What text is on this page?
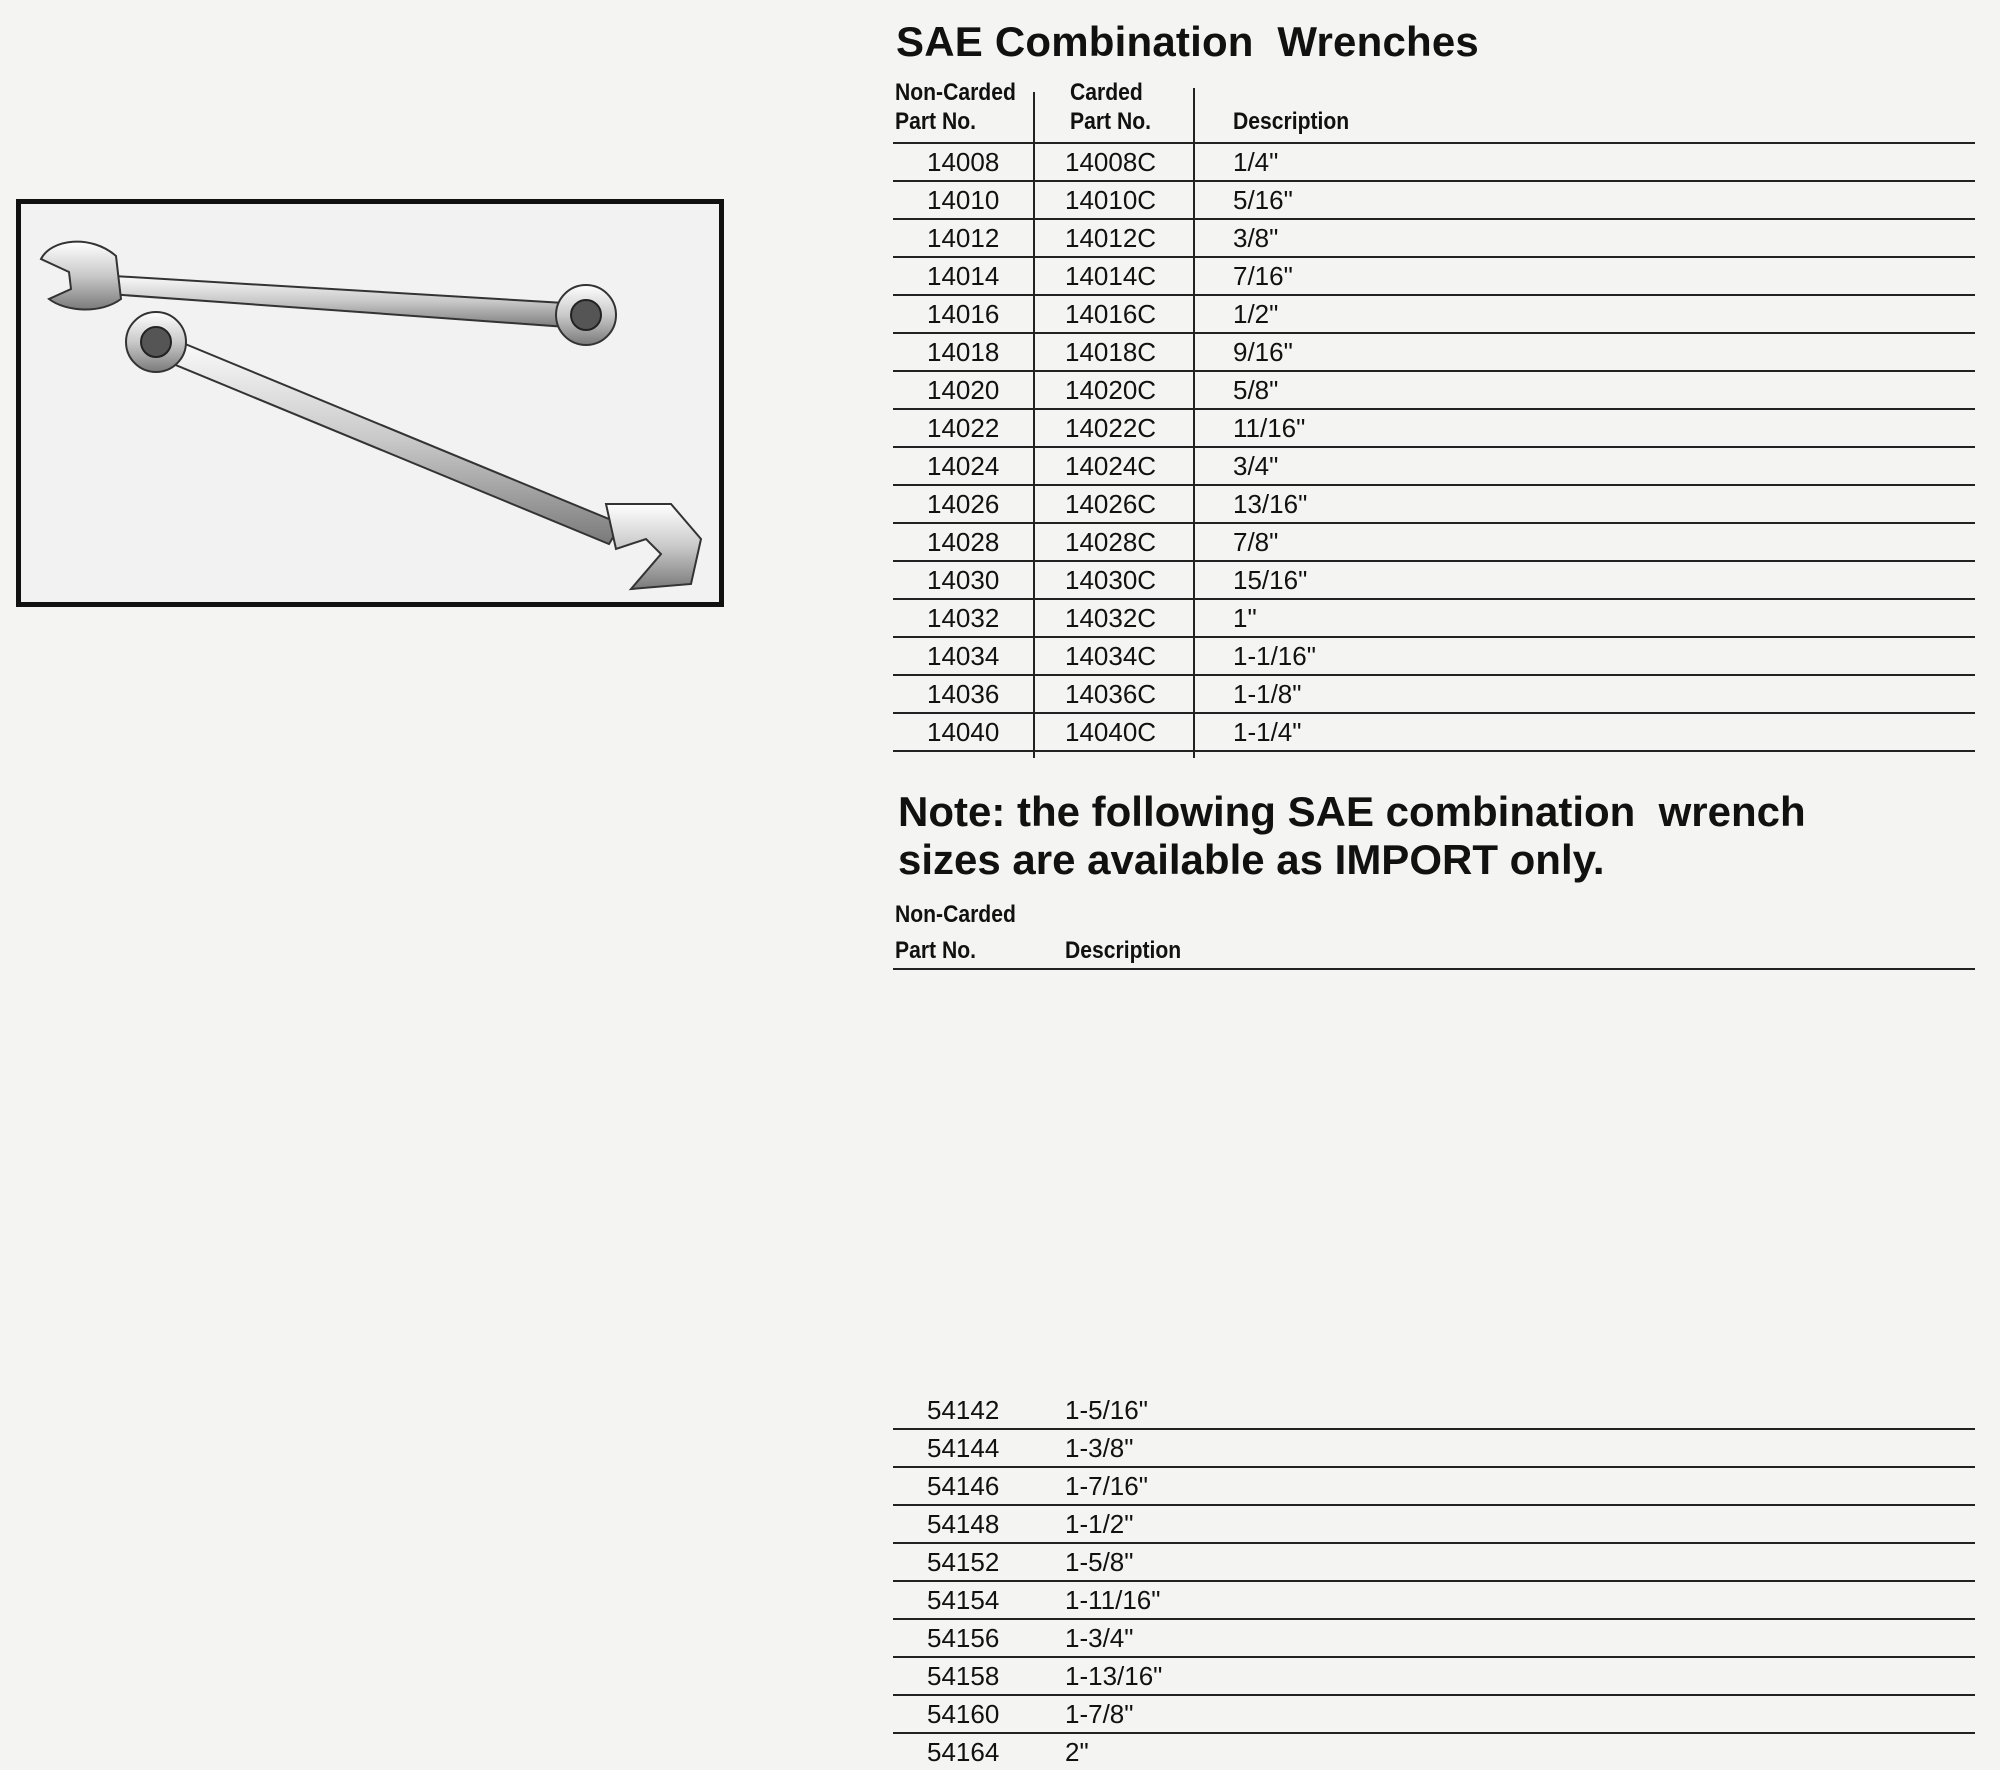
SAE Combination  Wrenches
Non-Carded
Part No.
Carded
Part No.	Description
14008	14008C	1/4"
14010	14010C	5/16"
14012	14012C	3/8"
14014	14014C	7/16"
14016	14016C	1/2"
14018	14018C	9/16"
14020	14020C	5/8"
14022	14022C	11/16"
14024	14024C	3/4"
14026	14026C	13/16"
14028	14028C	7/8"
14030	14030C	15/16"
14032	14032C	1"
14034	14034C	1-1/16"
14036	14036C	1-1/8"
14040	14040C	1-1/4"
Note: the following SAE combination  wrench
sizes are available as IMPORT only.
Non-Carded
Part No.	Description
54142	1-5/16"
54144	1-3/8"
54146	1-7/16"
54148	1-1/2"
54152	1-5/8"
54154	1-11/16"
54156	1-3/4"
54158	1-13/16"
54160	1-7/8"
54164	2"
